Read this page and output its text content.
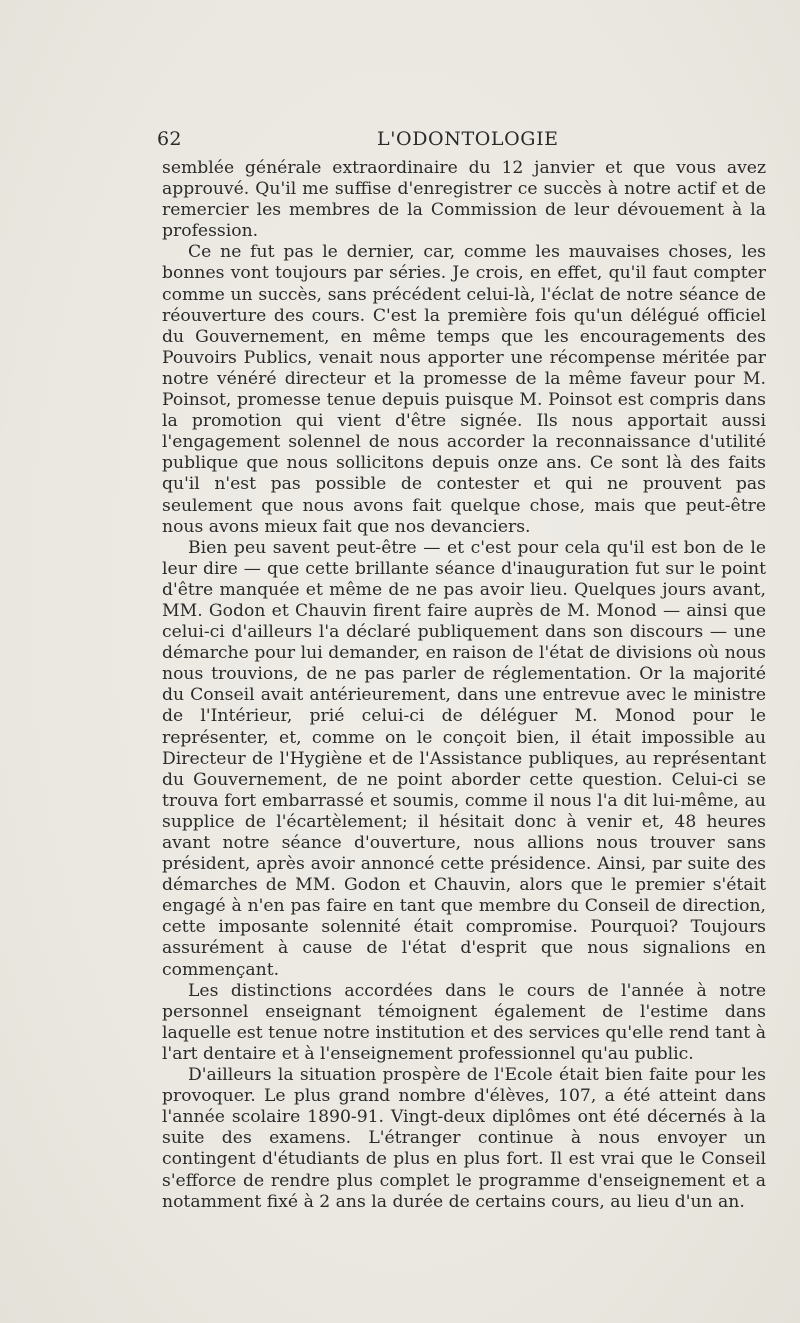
62	L'ODONTOLOGIE

semblée générale extraordinaire du 12 janvier et que vous avez approuvé. Qu'il me suffise d'enregistrer ce succès à notre actif et de remercier les membres de la Commission de leur dévouement à la profession.

Ce ne fut pas le dernier, car, comme les mauvaises choses, les bonnes vont toujours par séries. Je crois, en effet, qu'il faut compter comme un succès, sans précédent celui-là, l'éclat de notre séance de réouverture des cours. C'est la première fois qu'un délégué officiel du Gouvernement, en même temps que les encouragements des Pouvoirs Publics, venait nous apporter une récompense méritée par notre vénéré directeur et la promesse de la même faveur pour M. Poinsot, promesse tenue depuis puisque M. Poinsot est compris dans la promotion qui vient d'être signée. Ils nous apportait aussi l'engagement solennel de nous accorder la reconnaissance d'utilité publique que nous sollicitons depuis onze ans. Ce sont là des faits qu'il n'est pas possible de contester et qui ne prouvent pas seulement que nous avons fait quelque chose, mais que peut-être nous avons mieux fait que nos devanciers.

Bien peu savent peut-être — et c'est pour cela qu'il est bon de le leur dire — que cette brillante séance d'inauguration fut sur le point d'être manquée et même de ne pas avoir lieu. Quelques jours avant, MM. Godon et Chauvin firent faire auprès de M. Monod — ainsi que celui-ci d'ailleurs l'a déclaré publiquement dans son discours — une démarche pour lui demander, en raison de l'état de divisions où nous nous trouvions, de ne pas parler de réglementation. Or la majorité du Conseil avait antérieurement, dans une entrevue avec le ministre de l'Intérieur, prié celui-ci de déléguer M. Monod pour le représenter, et, comme on le conçoit bien, il était impossible au Directeur de l'Hygiène et de l'Assistance publiques, au représentant du Gouvernement, de ne point aborder cette question. Celui-ci se trouva fort embarrassé et soumis, comme il nous l'a dit lui-même, au supplice de l'écartèlement; il hésitait donc à venir et, 48 heures avant notre séance d'ouverture, nous allions nous trouver sans président, après avoir annoncé cette présidence. Ainsi, par suite des démarches de MM. Godon et Chauvin, alors que le premier s'était engagé à n'en pas faire en tant que membre du Conseil de direction, cette imposante solennité était compromise. Pourquoi? Toujours assurément à cause de l'état d'esprit que nous signalions en commençant.

Les distinctions accordées dans le cours de l'année à notre personnel enseignant témoignent également de l'estime dans laquelle est tenue notre institution et des services qu'elle rend tant à l'art dentaire et à l'enseignement professionnel qu'au public.

D'ailleurs la situation prospère de l'Ecole était bien faite pour les provoquer. Le plus grand nombre d'élèves, 107, a été atteint dans l'année scolaire 1890-91. Vingt-deux diplômes ont été décernés à la suite des examens. L'étranger continue à nous envoyer un contingent d'étudiants de plus en plus fort. Il est vrai que le Conseil s'efforce de rendre plus complet le programme d'enseignement et a notamment fixé à 2 ans la durée de certains cours, au lieu d'un an.
